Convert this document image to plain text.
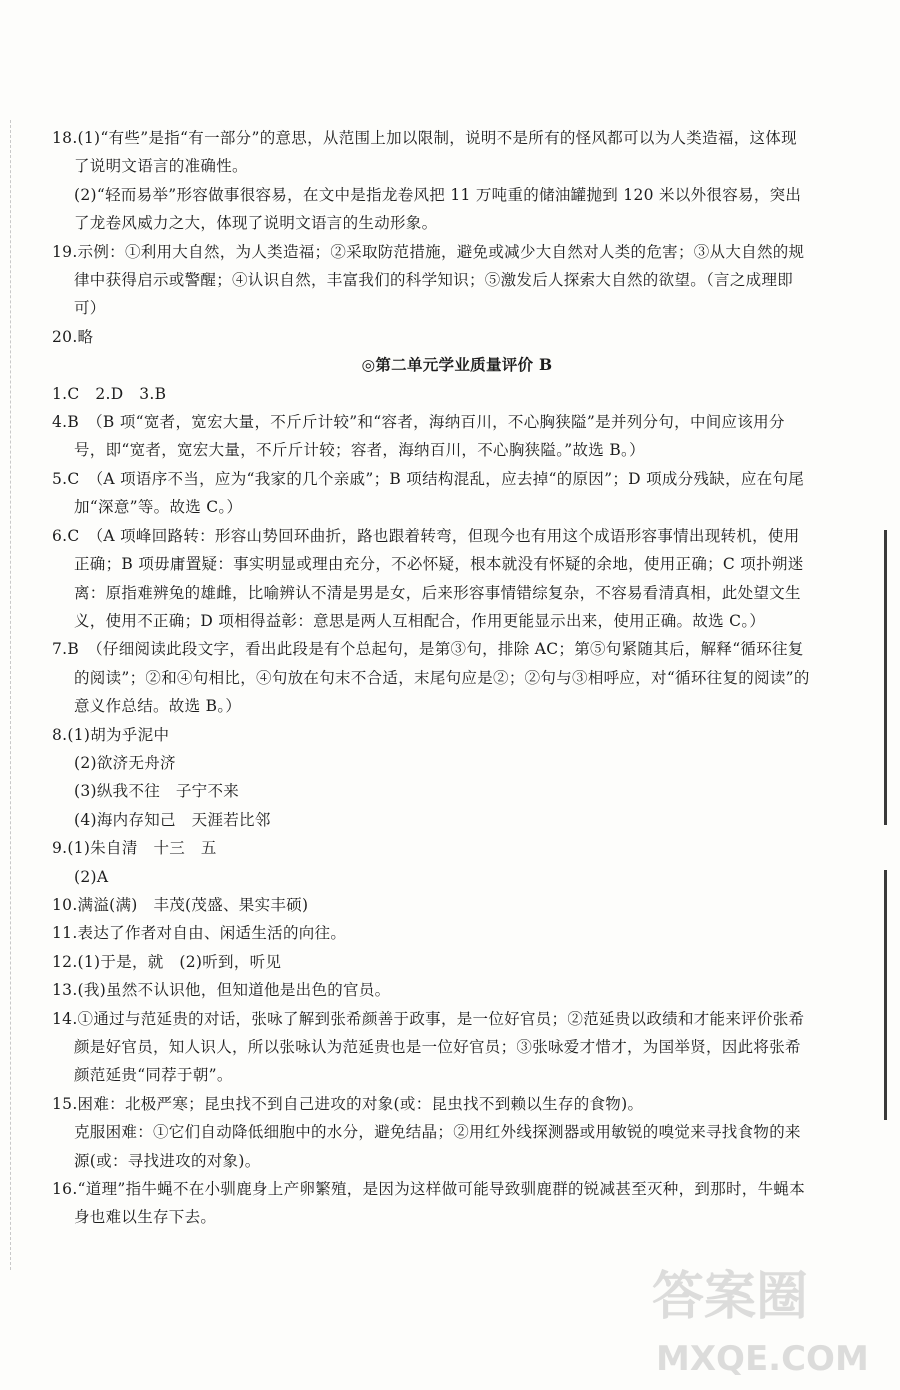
18.(1)“有些”是指“有一部分”的意思，从范围上加以限制，说明不是所有的怪风都可以为人类造福，这体现了说明文语言的准确性。

(2)“轻而易举”形容做事很容易，在文中是指龙卷风把 11 万吨重的储油罐抛到 120 米以外很容易，突出了龙卷风威力之大，体现了说明文语言的生动形象。

19.示例：①利用大自然，为人类造福；②采取防范措施，避免或减少大自然对人类的危害；③从大自然的规律中获得启示或警醒；④认识自然，丰富我们的科学知识；⑤激发后人探索大自然的欲望。（言之成理即可）

20.略

◎第二单元学业质量评价 B

1.C　2.D　3.B

4.B　（B 项“宽者，宽宏大量，不斤斤计较”和“容者，海纳百川，不心胸狭隘”是并列分句，中间应该用分号，即“宽者，宽宏大量，不斤斤计较；容者，海纳百川，不心胸狭隘。”故选 B。）

5.C　（A 项语序不当，应为“我家的几个亲戚”；B 项结构混乱，应去掉“的原因”；D 项成分残缺，应在句尾加“深意”等。故选 C。）

6.C　（A 项峰回路转：形容山势回环曲折，路也跟着转弯，但现今也有用这个成语形容事情出现转机，使用正确；B 项毋庸置疑：事实明显或理由充分，不必怀疑，根本就没有怀疑的余地，使用正确；C 项扑朔迷离：原指难辨兔的雄雌，比喻辨认不清是男是女，后来形容事情错综复杂，不容易看清真相，此处望文生义，使用不正确；D 项相得益彰：意思是两人互相配合，作用更能显示出来，使用正确。故选 C。）

7.B　（仔细阅读此段文字，看出此段是有个总起句，是第③句，排除 AC；第⑤句紧随其后，解释“循环往复的阅读”；②和④句相比，④句放在句末不合适，末尾句应是②；②句与③相呼应，对“循环往复的阅读”的意义作总结。故选 B。）

8.(1)胡为乎泥中

(2)欲济无舟济

(3)纵我不往　子宁不来

(4)海内存知己　天涯若比邻

9.(1)朱自清　十三　五

(2)A

10.满溢(满)　丰茂(茂盛、果实丰硕)

11.表达了作者对自由、闲适生活的向往。

12.(1)于是，就　(2)听到，听见

13.(我)虽然不认识他，但知道他是出色的官员。

14.①通过与范延贵的对话，张咏了解到张希颜善于政事，是一位好官员；②范延贵以政绩和才能来评价张希颜是好官员，知人识人，所以张咏认为范延贵也是一位好官员；③张咏爱才惜才，为国举贤，因此将张希颜范延贵“同荐于朝”。

15.困难：北极严寒；昆虫找不到自己进攻的对象(或：昆虫找不到赖以生存的食物)。

克服困难：①它们自动降低细胞中的水分，避免结晶；②用红外线探测器或用敏锐的嗅觉来寻找食物的来源(或：寻找进攻的对象)。

16.“道理”指牛蝇不在小驯鹿身上产卵繁殖，是因为这样做可能导致驯鹿群的锐减甚至灭种，到那时，牛蝇本身也难以生存下去。

答案圈
MXQE.COM
